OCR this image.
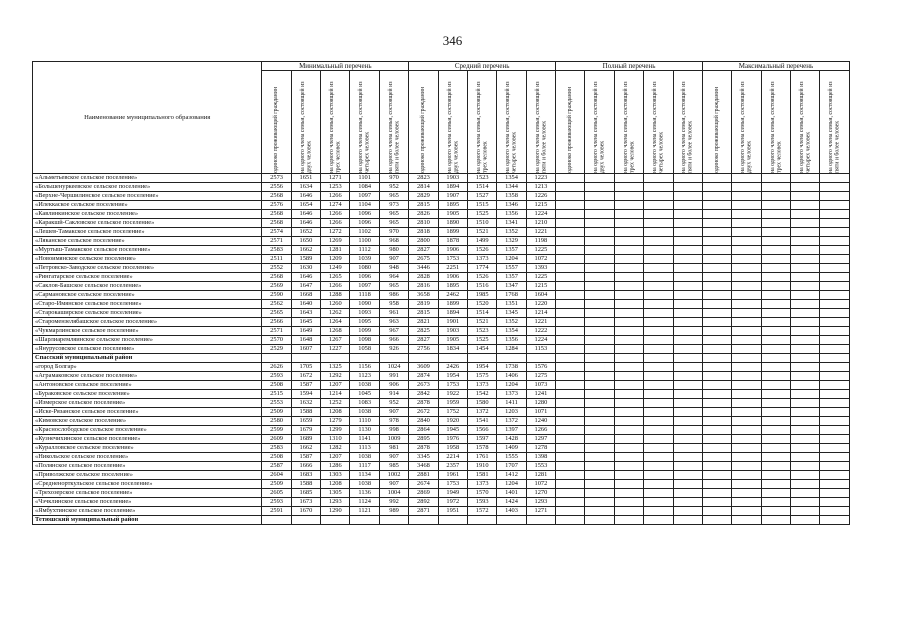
346
Наименование муниципального образования	Минимальный перечень					Средний перечень					Полный перечень					Максимальный перечень				

	одиноко проживающий гражданин	на одного члена семьи, состоящей из двух человек	на одного члена семьи, состоящей из трех человек	на одного члена семьи, состоящей из четырех человек	на одного члена семьи, состоящей из пяти и более человек	одиноко проживающий гражданин	на одного члена семьи, состоящей из двух человек	на одного члена семьи, состоящей из трех человек	на одного члена семьи, состоящей из четырех человек	на одного члена семьи, состоящей из пяти и более человек	одиноко проживающий гражданин	на одного члена семьи, состоящей из двух человек	на одного члена семьи, состоящей из трех человек	на одного члена семьи, состоящей из четырех человек	на одного члена семьи, состоящей из пяти и более человек	одиноко проживающий гражданин	на одного члена семьи, состоящей из двух человек	на одного члена семьи, состоящей из трех человек	на одного члена семьи, состоящей из четырех человек	на одного члена семьи, состоящей из пяти и более человек

«Альметьевское сельское поселение»	2573	1651	1271	1101	970	2823	1903	1523	1354	1223										
«Большенуркеевское сельское поселение»	2556	1634	1253	1084	952	2814	1894	1514	1344	1213										
«Верхне-Чершилинское сельское поселение»	2568	1646	1266	1097	965	2829	1907	1527	1358	1226										
«Илеккаское сельское поселение»	2576	1654	1274	1104	973	2815	1895	1515	1346	1215										
«Кавлинкинское сельское поселение»	2568	1646	1266	1096	965	2826	1905	1525	1356	1224										
«Каракшй-Сакловское сельское поселение»	2568	1646	1266	1096	965	2810	1890	1510	1341	1210										
«Лешев-Тамакское сельское поселение»	2574	1652	1272	1102	970	2818	1899	1521	1352	1221										
«Ляканское сельское поселение»	2571	1650	1269	1100	968	2800	1878	1499	1329	1198										
«Муртыш-Тамакское сельское поселение»	2583	1662	1281	1112	980	2827	1906	1526	1357	1225										
«Новоимянское сельское поселение»	2511	1589	1209	1039	907	2675	1753	1373	1204	1072										
«Петровско-Заводское сельское поселение»	2552	1630	1249	1080	948	3446	2251	1774	1557	1393										
«Рингатарское сельское поселение»	2568	1646	1265	1096	964	2828	1906	1526	1357	1225										
«Саклов-Башское сельское поселение»	2569	1647	1266	1097	965	2816	1895	1516	1347	1215										
«Сармановское сельское поселение»	2590	1668	1288	1118	986	3658	2462	1985	1768	1604										
«Старо-Имянское сельское поселение»	2562	1640	1260	1090	958	2819	1899	1520	1351	1220										
«Старокаширское сельское поселение»	2565	1643	1262	1093	961	2815	1894	1514	1345	1214										
«Старомензелябашское сельское поселение»	2566	1645	1264	1095	963	2821	1901	1521	1352	1221										
«Чукмарлинское сельское поселение»	2571	1649	1268	1099	967	2825	1903	1523	1354	1222										
«Шарлиаремляинское сельское поселение»	2570	1648	1267	1098	966	2827	1905	1525	1356	1224										
«Янурусовское сельское поселение»	2529	1607	1227	1058	926	2756	1834	1454	1284	1153										
Спасский муниципальный район																				
«город Болгар»	2626	1705	1325	1156	1024	3609	2426	1954	1738	1576										
«Аграмаковское сельское поселение»	2593	1672	1292	1123	991	2874	1954	1575	1406	1275										
«Антоновское сельское поселение»	2508	1587	1207	1038	906	2673	1753	1373	1204	1073										
«Бураковское сельское поселение»	2515	1594	1214	1045	914	2842	1922	1542	1373	1241										
«Измерское сельское поселение»	2553	1632	1252	1083	952	2878	1959	1580	1411	1280										
«Иске-Рязанское сельское поселение»	2509	1588	1208	1038	907	2672	1752	1372	1203	1071										
«Кимовское сельское поселение»	2580	1659	1279	1110	978	2840	1920	1541	1372	1240										
«Краснослободское сельское поселение»	2599	1679	1299	1130	998	2864	1945	1566	1397	1266										
«Кузнечихинское сельское поселение»	2609	1689	1310	1141	1009	2895	1976	1597	1428	1297										
«Куралловское сельское поселение»	2583	1662	1282	1113	981	2878	1958	1578	1409	1278										
«Никольское сельское поселение»	2508	1587	1207	1038	907	3345	2214	1761	1555	1398										
«Полянское сельское поселение»	2587	1666	1286	1117	985	3468	2357	1910	1707	1553										
«Приволжское сельское поселение»	2604	1683	1303	1134	1002	2881	1961	1581	1412	1281										
«Средненорткульское сельское поселение»	2509	1588	1208	1038	907	2674	1753	1373	1204	1072										
«Трехозерское сельское поселение»	2605	1685	1305	1136	1004	2869	1949	1570	1401	1270										
«Чэчклинское сельское поселение»	2593	1673	1293	1124	992	2892	1972	1593	1424	1293										
«Ямбухтинское сельское поселение»	2591	1670	1290	1121	989	2871	1951	1572	1403	1271										
Тетюшский муниципальный район																				
